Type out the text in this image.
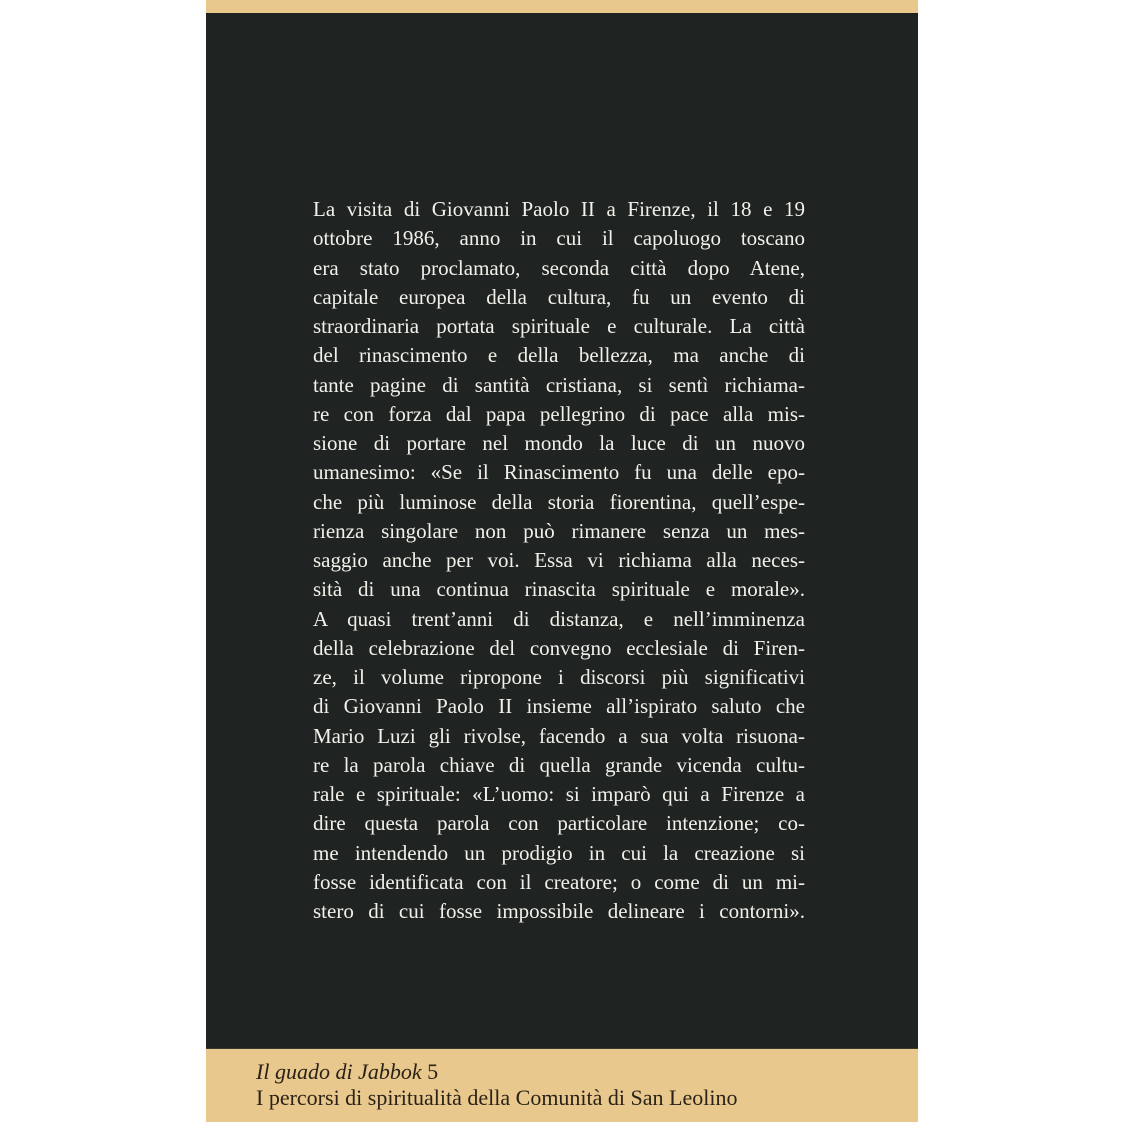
La visita di Giovanni Paolo II a Firenze, il 18 e 19
ottobre 1986, anno in cui il capoluogo toscano
era stato proclamato, seconda città dopo Atene,
capitale europea della cultura, fu un evento di
straordinaria portata spirituale e culturale. La città
del rinascimento e della bellezza, ma anche di
tante pagine di santità cristiana, si sentì richiama-
re con forza dal papa pellegrino di pace alla mis-
sione di portare nel mondo la luce di un nuovo
umanesimo: «Se il Rinascimento fu una delle epo-
che più luminose della storia fiorentina, quell’espe-
rienza singolare non può rimanere senza un mes-
saggio anche per voi. Essa vi richiama alla neces-
sità di una continua rinascita spirituale e morale».
A quasi trent’anni di distanza, e nell’imminenza
della celebrazione del convegno ecclesiale di Firen-
ze, il volume ripropone i discorsi più significativi
di Giovanni Paolo II insieme all’ispirato saluto che
Mario Luzi gli rivolse, facendo a sua volta risuona-
re la parola chiave di quella grande vicenda cultu-
rale e spirituale: «L’uomo: si imparò qui a Firenze a
dire questa parola con particolare intenzione; co-
me intendendo un prodigio in cui la creazione si
fosse identificata con il creatore; o come di un mi-
stero di cui fosse impossibile delineare i contorni».
Il guado di Jabbok 5
I percorsi di spiritualità della Comunità di San Leolino
